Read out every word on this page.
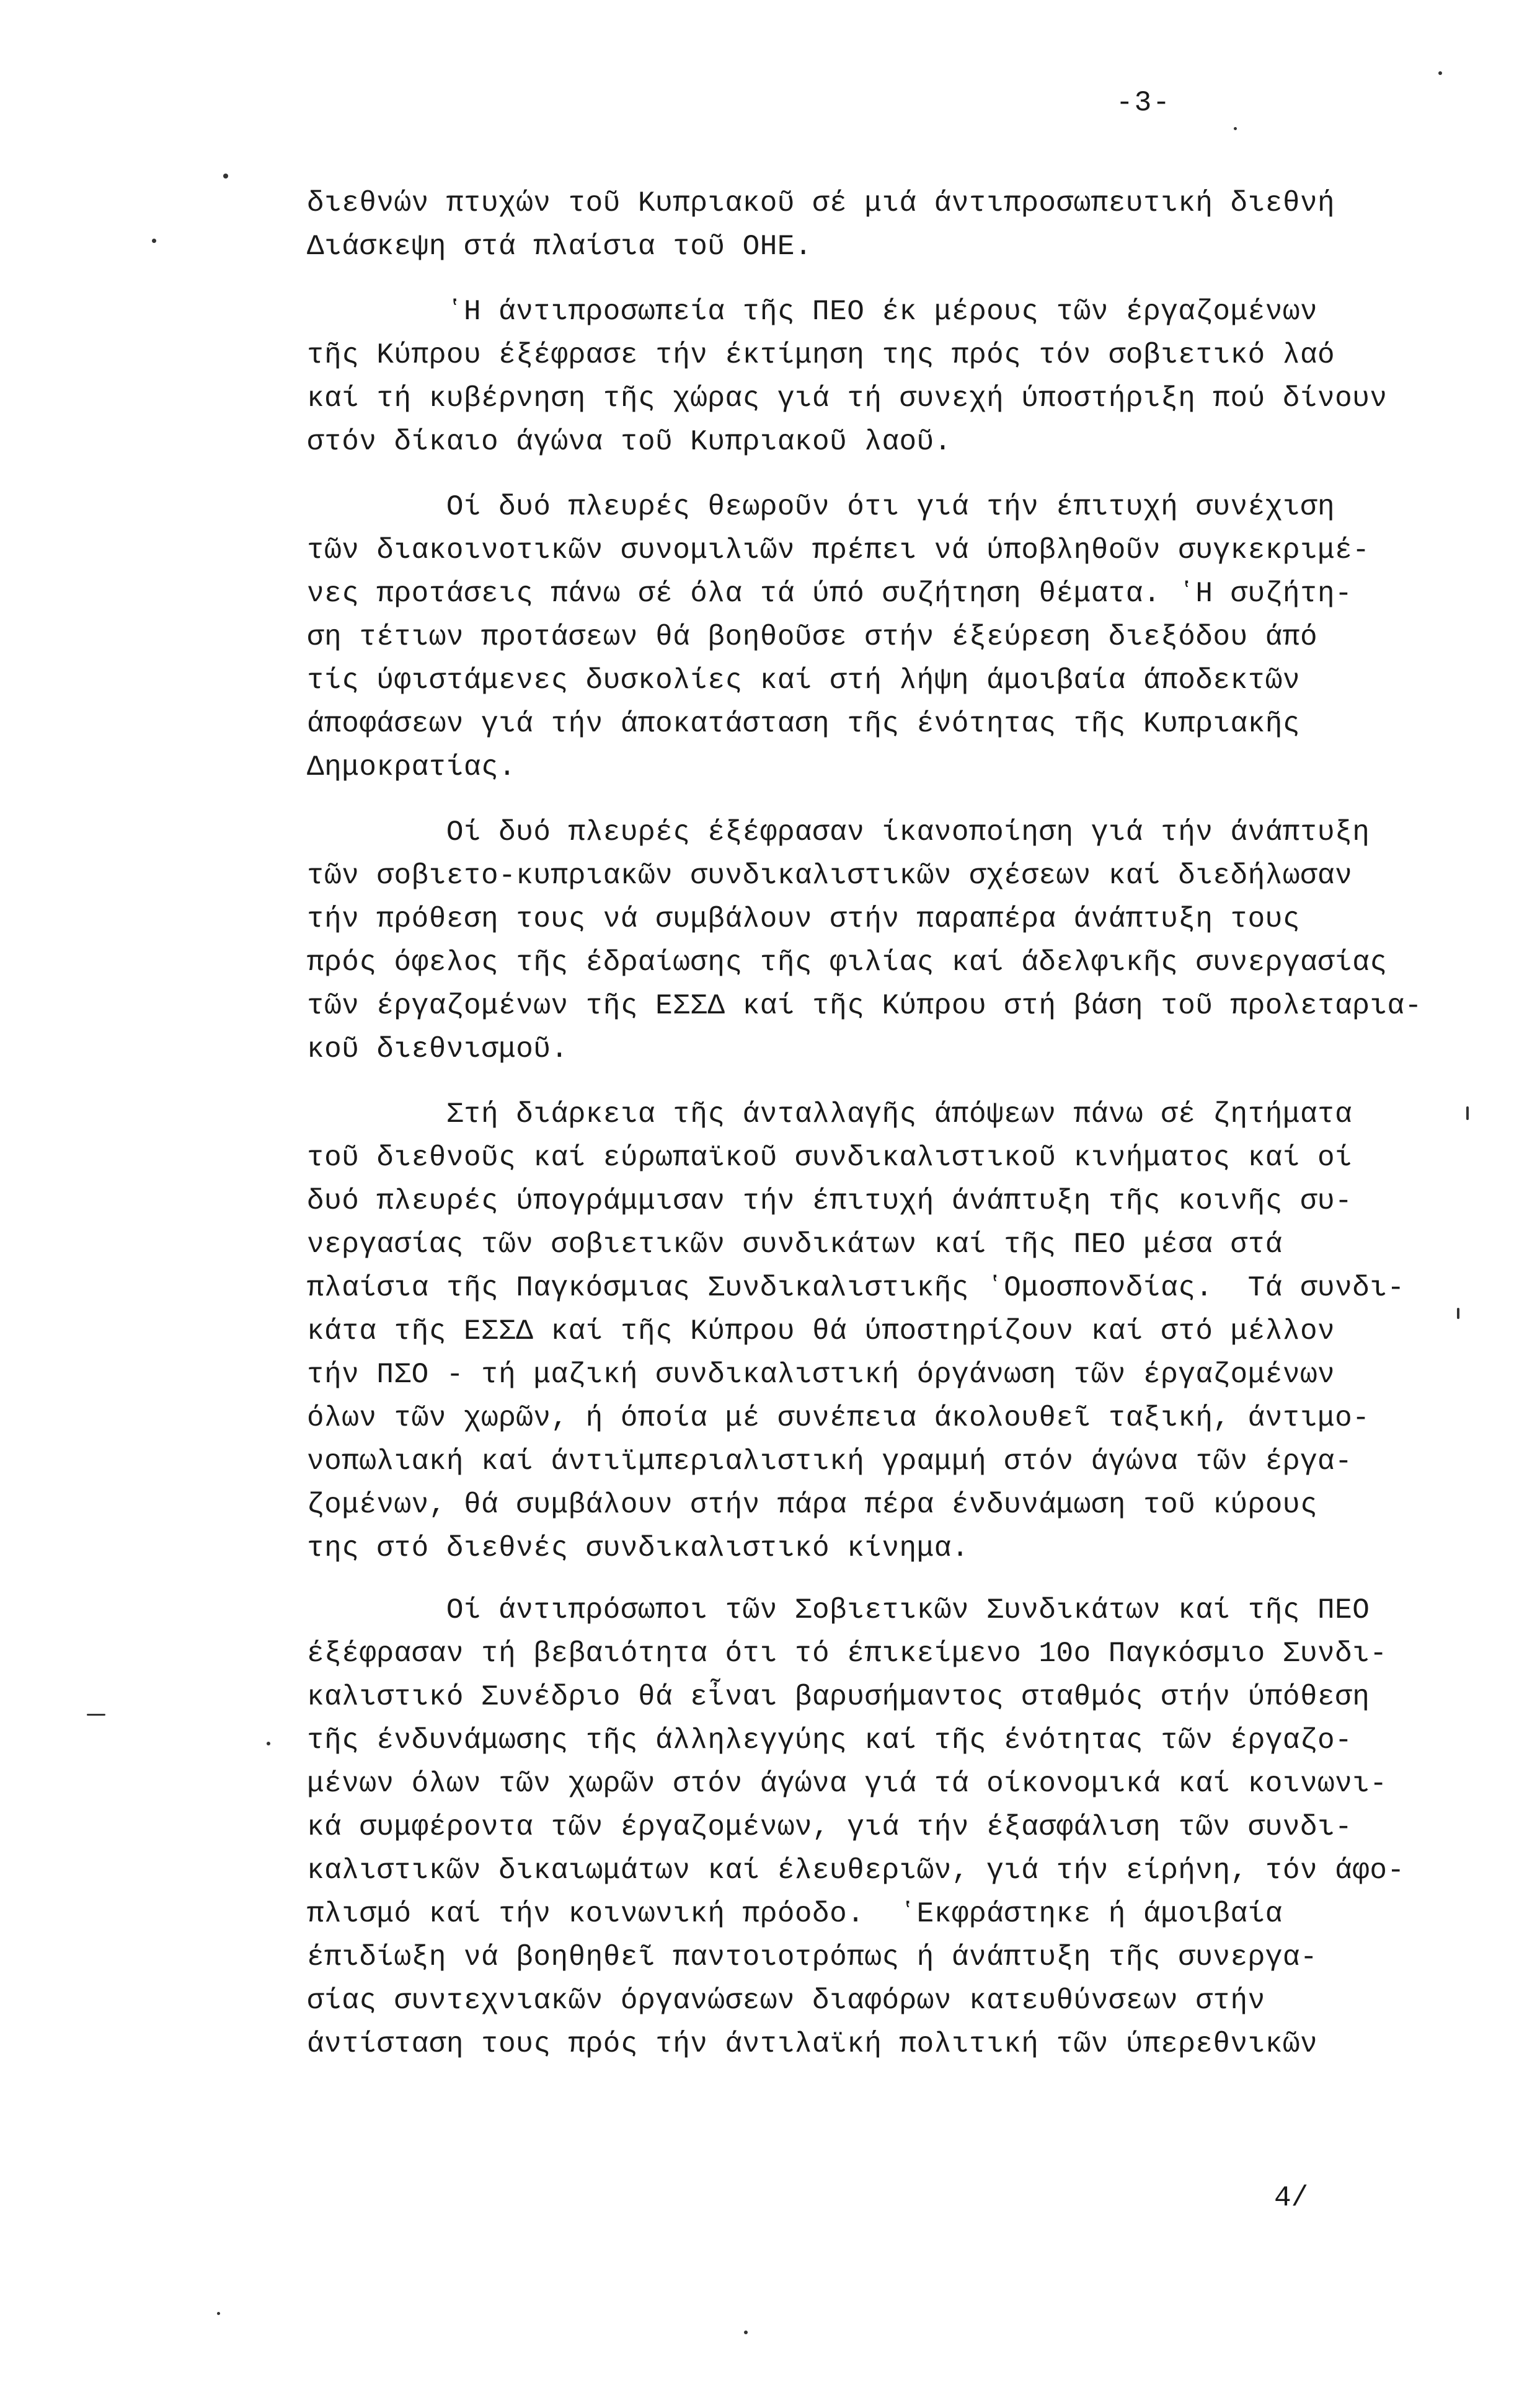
-3-
διεθνών πτυχών τοῦ Κυπριακοῦ σέ μιά άντιπροσωπευτική διεθνή
Διάσκεψη στά πλαίσια τοῦ ΟΗΕ.
ʽΗ άντιπροσωπεία τῆς ΠΕΟ έκ μέρους τῶν έργαζομένων
τῆς Κύπρου έξέφρασε τήν έκτίμηση της πρός τόν σοβιετικό λαό
καί τή κυβέρνηση τῆς χώρας γιά τή συνεχή ύποστήριξη πού δίνουν
στόν δίκαιο άγώνα τοῦ Κυπριακοῦ λαοῦ.
Οί δυό πλευρές θεωροῦν ότι γιά τήν έπιτυχή συνέχιση
τῶν διακοινοτικῶν συνομιλιῶν πρέπει νά ύποβληθοῦν συγκεκριμέ-
νες προτάσεις πάνω σέ όλα τά ύπό συζήτηση θέματα. ʽΗ συζήτη-
ση τέτιων προτάσεων θά βοηθοῦσε στήν έξεύρεση διεξόδου άπό
τίς ύφιστάμενες δυσκολίες καί στή λήψη άμοιβαία άποδεκτῶν
άποφάσεων γιά τήν άποκατάσταση τῆς ένότητας τῆς Κυπριακῆς
Δημοκρατίας.
Οί δυό πλευρές έξέφρασαν ίκανοποίηση γιά τήν άνάπτυξη
τῶν σοβιετο-κυπριακῶν συνδικαλιστικῶν σχέσεων καί διεδήλωσαν
τήν πρόθεση τους νά συμβάλουν στήν παραπέρα άνάπτυξη τους
πρός όφελος τῆς έδραίωσης τῆς φιλίας καί άδελφικῆς συνεργασίας
τῶν έργαζομένων τῆς ΕΣΣΔ καί τῆς Κύπρου στή βάση τοῦ προλεταρια-
κοῦ διεθνισμοῦ.
Στή διάρκεια τῆς άνταλλαγῆς άπόψεων πάνω σέ ζητήματα
τοῦ διεθνοῦς καί εύρωπαϊκοῦ συνδικαλιστικοῦ κινήματος καί οί
δυό πλευρές ύπογράμμισαν τήν έπιτυχή άνάπτυξη τῆς κοινῆς συ-
νεργασίας τῶν σοβιετικῶν συνδικάτων καί τῆς ΠΕΟ μέσα στά
πλαίσια τῆς Παγκόσμιας Συνδικαλιστικῆς ʽΟμοσπονδίας.  Τά συνδι-
κάτα τῆς ΕΣΣΔ καί τῆς Κύπρου θά ύποστηρίζουν καί στό μέλλον
τήν ΠΣΟ - τή μαζική συνδικαλιστική όργάνωση τῶν έργαζομένων
όλων τῶν χωρῶν, ή όποία μέ συνέπεια άκολουθεῖ ταξική, άντιμο-
νοπωλιακή καί άντιϊμπεριαλιστική γραμμή στόν άγώνα τῶν έργα-
ζομένων, θά συμβάλουν στήν πάρα πέρα ένδυνάμωση τοῦ κύρους
της στό διεθνές συνδικαλιστικό κίνημα.
Οί άντιπρόσωποι τῶν Σοβιετικῶν Συνδικάτων καί τῆς ΠΕΟ
έξέφρασαν τή βεβαιότητα ότι τό έπικείμενο 10ο Παγκόσμιο Συνδι-
καλιστικό Συνέδριο θά εἶναι βαρυσήμαντος σταθμός στήν ύπόθεση
τῆς ένδυνάμωσης τῆς άλληλεγγύης καί τῆς ένότητας τῶν έργαζο-
μένων όλων τῶν χωρῶν στόν άγώνα γιά τά οίκονομικά καί κοινωνι-
κά συμφέροντα τῶν έργαζομένων, γιά τήν έξασφάλιση τῶν συνδι-
καλιστικῶν δικαιωμάτων καί έλευθεριῶν, γιά τήν είρήνη, τόν άφο-
πλισμό καί τήν κοινωνική πρόοδο.  ʽΕκφράστηκε ή άμοιβαία
έπιδίωξη νά βοηθηθεῖ παντοιοτρόπως ή άνάπτυξη τῆς συνεργα-
σίας συντεχνιακῶν όργανώσεων διαφόρων κατευθύνσεων στήν
άντίσταση τους πρός τήν άντιλαϊκή πολιτική τῶν ύπερεθνικῶν
4/
